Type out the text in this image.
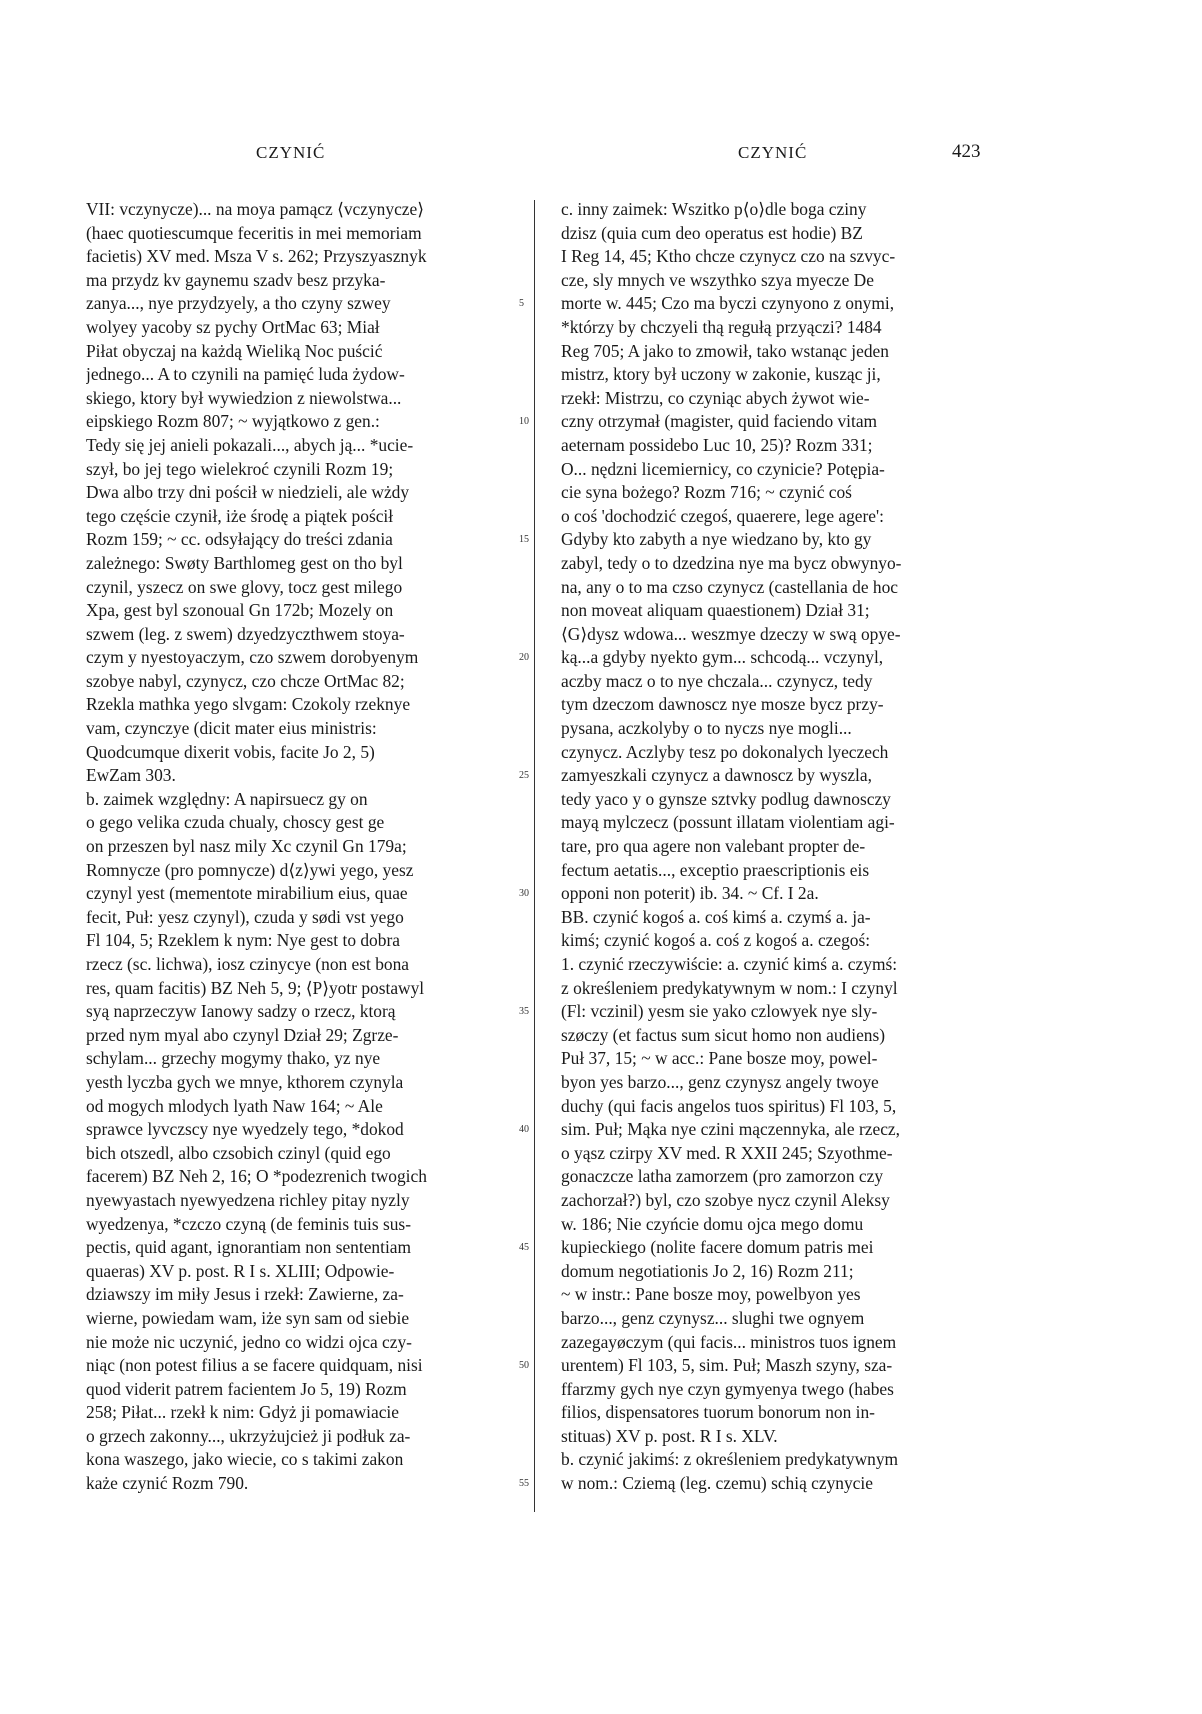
CZYNIĆ	CZYNIĆ	423
VII: vczynycze)... na moya pamącz ⟨vczynycze⟩
(haec quotiescumque feceritis in mei memoriam
facietis) XV med. Msza V s. 262; Przyszyasznyk
ma przydz kv gaynemu szadv besz przyka-
zanya..., nye przydzyely, a tho czyny szwey
wolyey yacoby sz pychy OrtMac 63; Miał
Piłat obyczaj na każdą Wieliką Noc puścić
jednego... A to czynili na pamięć luda żydow-
skiego, ktory był wywiedzion z niewolstwa...
eipskiego Rozm 807; ~ wyjątkowo z gen.:
Tedy się jej anieli pokazali..., abych ją... *ucie-
szył, bo jej tego wielekroć czynili Rozm 19;
Dwa albo trzy dni pościł w niedzieli, ale wżdy
tego częście czynił, iże środę a piątek pościł
Rozm 159; ~ cc. odsyłający do treści zdania
zależnego: Swøty Barthlomeg gest on tho byl
czynil, yszecz on swe glovy, tocz gest milego
Xpa, gest byl szonoual Gn 172b; Mozely on
szwem (leg. z swem) dzyedzyczthwem stoya-
czym y nyestoyaczym, czo szwem dorobyenym
szobye nabyl, czynycz, czo chcze OrtMac 82;
Rzekla mathka yego slvgam: Czokoly rzeknye
vam, czynczye (dicit mater eius ministris:
Quodcumque dixerit vobis, facite Jo 2, 5)
EwZam 303.
b. zaimek względny: A napirsuecz gy on
o gego velika czuda chualy, choscy gest ge
on przeszen byl nasz mily Xc czynil Gn 179a;
Romnycze (pro pomnycze) d⟨z⟩ywi yego, yesz
czynyl yest (mementote mirabilium eius, quae
fecit, Puł: yesz czynyl), czuda y sødi vst yego
Fl 104, 5; Rzeklem k nym: Nye gest to dobra
rzecz (sc. lichwa), iosz czinycye (non est bona
res, quam facitis) BZ Neh 5, 9; ⟨P⟩yotr postawyl
syą naprzeczyw Ianowy sadzy o rzecz, ktorą
przed nym myal abo czynyl Dział 29; Zgrze-
schylam... grzechy mogymy thako, yz nye
yesth lyczba gych we mnye, kthorem czynyla
od mogych mlodych lyath Naw 164; ~ Ale
sprawce lyvczscy nye wyedzely tego, *dokod
bich otszedl, albo czsobich czinyl (quid ego
facerem) BZ Neh 2, 16; O *podezrenich twogich
nyewyastach nyewyedzena richley pitay nyzly
wyedzenya, *czczo czyną (de feminis tuis sus-
pectis, quid agant, ignorantiam non sententiam
quaeras) XV p. post. R I s. XLIII; Odpowie-
dziawszy im miły Jesus i rzekł: Zawierne, za-
wierne, powiedam wam, iże syn sam od siebie
nie może nic uczynić, jedno co widzi ojca czy-
niąc (non potest filius a se facere quidquam, nisi
quod viderit patrem facientem Jo 5, 19) Rozm
258; Piłat... rzekł k nim: Gdyż ji pomawiacie
o grzech zakonny..., ukrzyżujcież ji podłuk za-
kona waszego, jako wiecie, co s takimi zakon
każe czynić Rozm 790.
5
10
15
20
25
30
35
40
45
50
55
c. inny zaimek: Wszitko p⟨o⟩dle boga cziny
dzisz (quia cum deo operatus est hodie) BZ
I Reg 14, 45; Ktho chcze czynycz czo na szvyc-
cze, sly mnych ve wszythko szya myecze De
morte w. 445; Czo ma byczi czynyono z onymi,
*którzy by chczyeli thą regułą przyączi? 1484
Reg 705; A jako to zmowił, tako wstanąc jeden
mistrz, ktory był uczony w zakonie, kusząc ji,
rzekł: Mistrzu, co czyniąc abych żywot wie-
czny otrzymał (magister, quid faciendo vitam
aeternam possidebo Luc 10, 25)? Rozm 331;
O... nędzni licemiernicy, co czynicie? Potępia-
cie syna bożego? Rozm 716; ~ czynić coś
o coś 'dochodzić czegoś, quaerere, lege agere':
Gdyby kto zabyth a nye wiedzano by, kto gy
zabyl, tedy o to dzedzina nye ma bycz obwynyo-
na, any o to ma czso czynycz (castellania de hoc
non moveat aliquam quaestionem) Dział 31;
⟨G⟩dysz wdowa... weszmye dzeczy w swą opye-
ką...a gdyby nyekto gym... schcodą... vczynyl,
aczby macz o to nye chczala... czynycz, tedy
tym dzeczom dawnoscz nye mosze bycz przy-
pysana, aczkolyby o to nyczs nye mogli...
czynycz. Aczlyby tesz po dokonalych lyeczech
zamyeszkali czynycz a dawnoscz by wyszla,
tedy yaco y o gynsze sztvky podlug dawnosczy
mayą mylczecz (possunt illatam violentiam agi-
tare, pro qua agere non valebant propter de-
fectum aetatis..., exceptio praescriptionis eis
opponi non poterit) ib. 34. ~ Cf. I 2a.
BB. czynić kogoś a. coś kimś a. czymś a. ja-
kimś; czynić kogoś a. coś z kogoś a. czegoś:
1. czynić rzeczywiście: a. czynić kimś a. czymś:
z określeniem predykatywnym w nom.: I czynyl
(Fl: vczinil) yesm sie yako czlowyek nye sly-
szøczy (et factus sum sicut homo non audiens)
Puł 37, 15; ~ w acc.: Pane bosze moy, powel-
byon yes barzo..., genz czynysz angely twoye
duchy (qui facis angelos tuos spiritus) Fl 103, 5,
sim. Puł; Mąka nye czini mączennyka, ale rzecz,
o yąsz czirpy XV med. R XXII 245; Szyothme-
gonaczcze latha zamorzem (pro zamorzon czy
zachorzał?) byl, czo szobye nycz czynil Aleksy
w. 186; Nie czyńcie domu ojca mego domu
kupieckiego (nolite facere domum patris mei
domum negotiationis Jo 2, 16) Rozm 211;
~ w instr.: Pane bosze moy, powelbyon yes
barzo..., genz czynysz... slughi twe ognyem
zazegayøczym (qui facis... ministros tuos ignem
urentem) Fl 103, 5, sim. Puł; Maszh szyny, sza-
ffarzmy gych nye czyn gymyenya twego (habes
filios, dispensatores tuorum bonorum non in-
stituas) XV p. post. R I s. XLV.
b. czynić jakimś: z określeniem predykatywnym
w nom.: Cziemą (leg. czemu) schią czynycie
